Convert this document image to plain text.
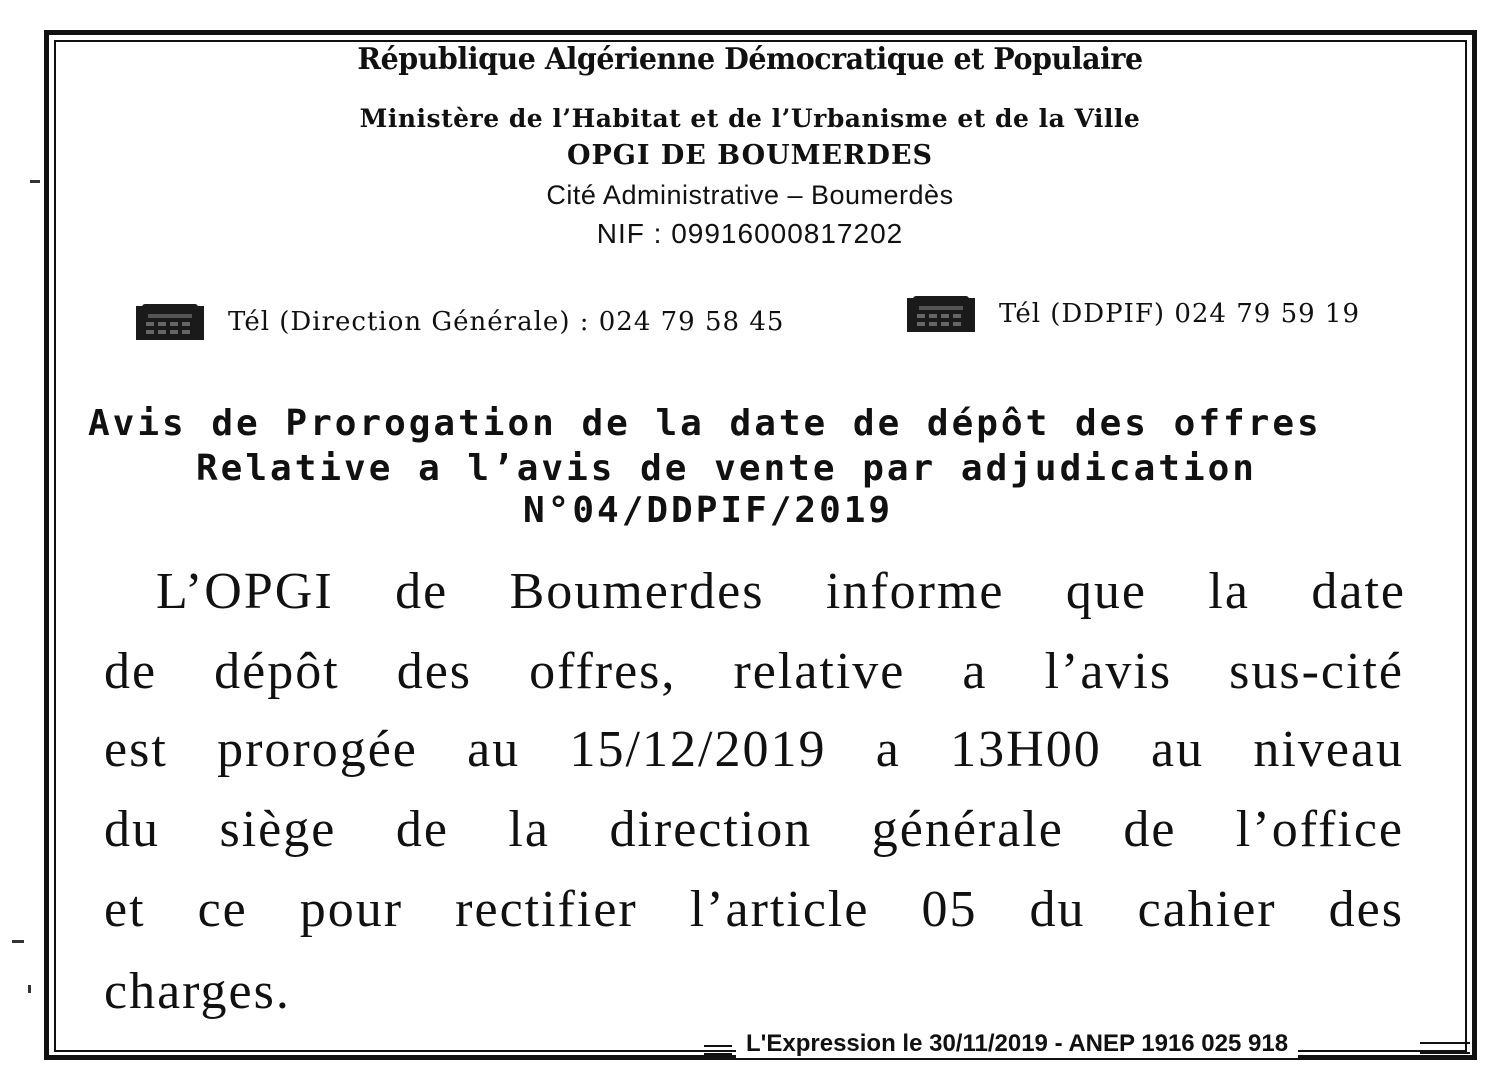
République Algérienne Démocratique et Populaire
Ministère de l’Habitat et de l’Urbanisme et de la Ville
OPGI DE BOUMERDES
Cité Administrative – Boumerdès
NIF : 09916000817202
Tél (Direction Générale) : 024 79 58 45	Tél (DDPIF) 024 79 59 19
Avis de Prorogation de la date de dépôt des offres
Relative a l’avis de vente par adjudication
N°04/DDPIF/2019
L’OPGI de Boumerdes informe que la date
de dépôt des offres, relative a l’avis sus-cité
est prorogée au 15/12/2019 a 13H00 au niveau
du siège de la direction générale de l’office
et ce pour rectifier l’article 05 du cahier des
charges.
L'Expression le 30/11/2019 - ANEP 1916 025 918
